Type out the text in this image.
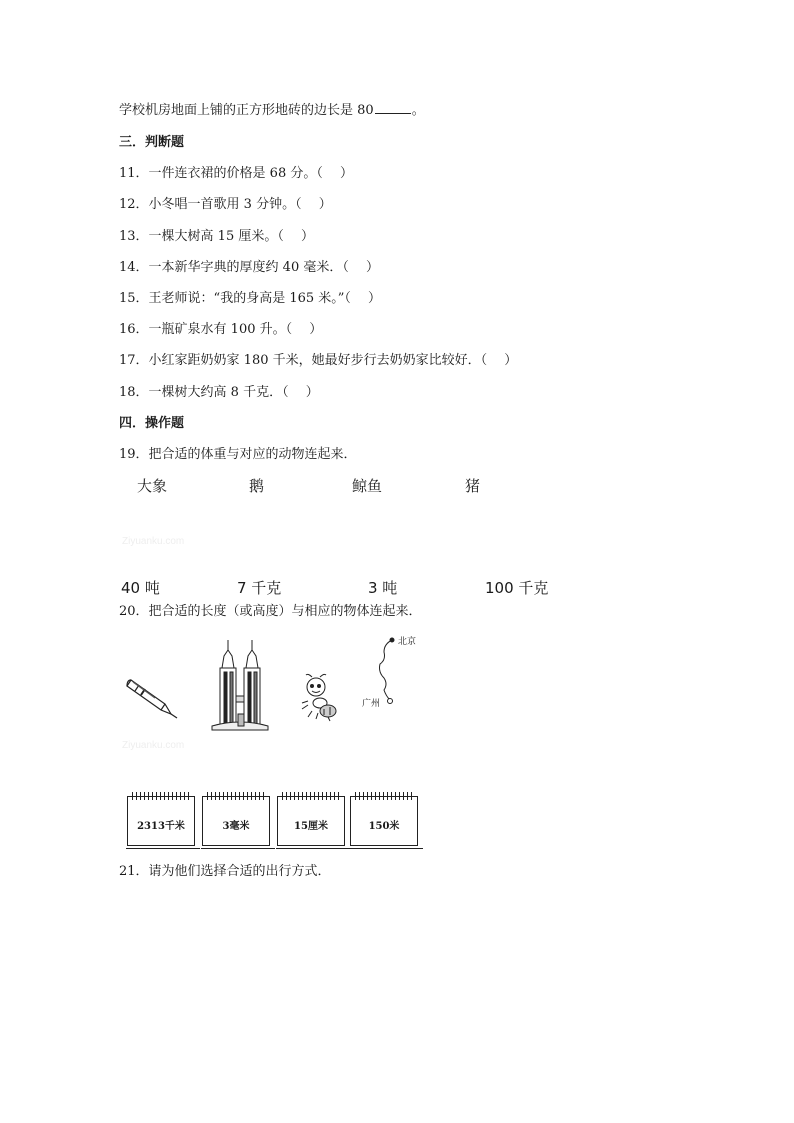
学校机房地面上铺的正方形地砖的边长是 80	。
三．判断题
11．一件连衣裙的价格是 68 分。（　 ）
12．小冬唱一首歌用 3 分钟。（　 ）
13．一棵大树高 15 厘米。（　 ）
14．一本新华字典的厚度约 40 毫米．（　 ）
15．王老师说：“我的身高是 165 米。”（　 ）
16．一瓶矿泉水有 100 升。（　 ）
17．小红家距奶奶家 180 千米，她最好步行去奶奶家比较好．（　 ）
18．一棵树大约高 8 千克．（　 ）
四．操作题
19．把合适的体重与对应的动物连起来．
大象	鹅	鲸鱼	猪
Ziyuanku.com
40 吨	7 千克	3 吨	100 千克
20．把合适的长度（或高度）与相应的物体连起来．
北京
广州
Ziyuanku.com
2313千米	3毫米	15厘米	150米
21．请为他们选择合适的出行方式．
